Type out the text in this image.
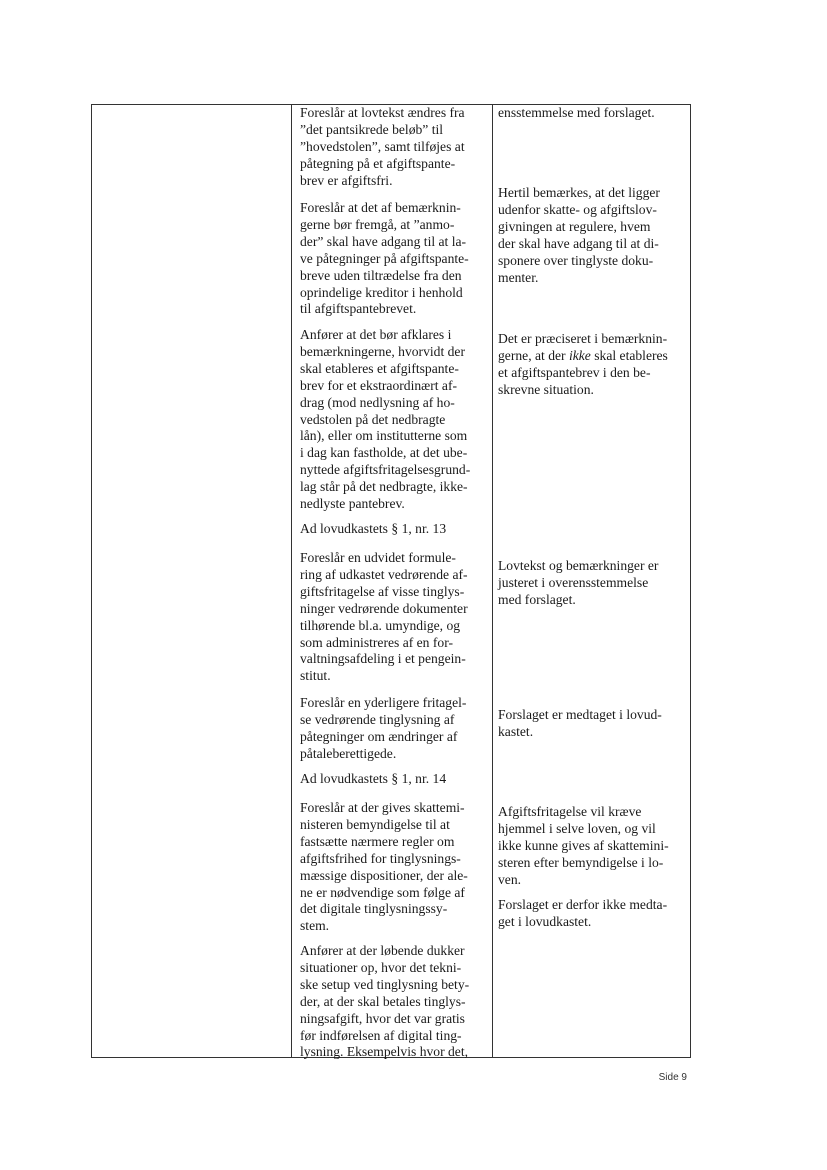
Foreslår at lovtekst ændres fra
”det pantsikrede beløb” til
”hovedstolen”, samt tilføjes at
påtegning på et afgiftspante-
brev er afgiftsfri.

Foreslår at det af bemærknin-
gerne bør fremgå, at ”anmo-
der” skal have adgang til at la-
ve påtegninger på afgiftspante-
breve uden tiltrædelse fra den
oprindelige kreditor i henhold
til afgiftspantebrevet.

Anfører at det bør afklares i
bemærkningerne, hvorvidt der
skal etableres et afgiftspante-
brev for et ekstraordinært af-
drag (mod nedlysning af ho-
vedstolen på det nedbragte
lån), eller om institutterne som
i dag kan fastholde, at det ube-
nyttede afgiftsfritagelsesgrund-
lag står på det nedbragte, ikke-
nedlyste pantebrev.

Ad lovudkastets § 1, nr. 13

Foreslår en udvidet formule-
ring af udkastet vedrørende af-
giftsfritagelse af visse tinglys-
ninger vedrørende dokumenter
tilhørende bl.a. umyndige, og
som administreres af en for-
valtningsafdeling i et pengein-
stitut.

Foreslår en yderligere fritagel-
se vedrørende tinglysning af
påtegninger om ændringer af
påtaleberettigede.

Ad lovudkastets § 1, nr. 14

Foreslår at der gives skattemi-
nisteren bemyndigelse til at
fastsætte nærmere regler om
afgiftsfrihed for tinglysnings-
mæssige dispositioner, der ale-
ne er nødvendige som følge af
det digitale tinglysningssy-
stem.

Anfører at der løbende dukker
situationer op, hvor det tekni-
ske setup ved tinglysning bety-
der, at der skal betales tinglys-
ningsafgift, hvor det var gratis
før indførelsen af digital ting-
lysning. Eksempelvis hvor det,

ensstemmelse med forslaget.

Hertil bemærkes, at det ligger
udenfor skatte- og afgiftslov-
givningen at regulere, hvem
der skal have adgang til at di-
sponere over tinglyste doku-
menter.

Det er præciseret i bemærknin-
gerne, at der ikke skal etableres
et afgiftspantebrev i den be-
skrevne situation.

Lovtekst og bemærkninger er
justeret i overensstemmelse
med forslaget.

Forslaget er medtaget i lovud-
kastet.

Afgiftsfritagelse vil kræve
hjemmel i selve loven, og vil
ikke kunne gives af skattemini-
steren efter bemyndigelse i lo-
ven.

Forslaget er derfor ikke medta-
get i lovudkastet.

Side 9
